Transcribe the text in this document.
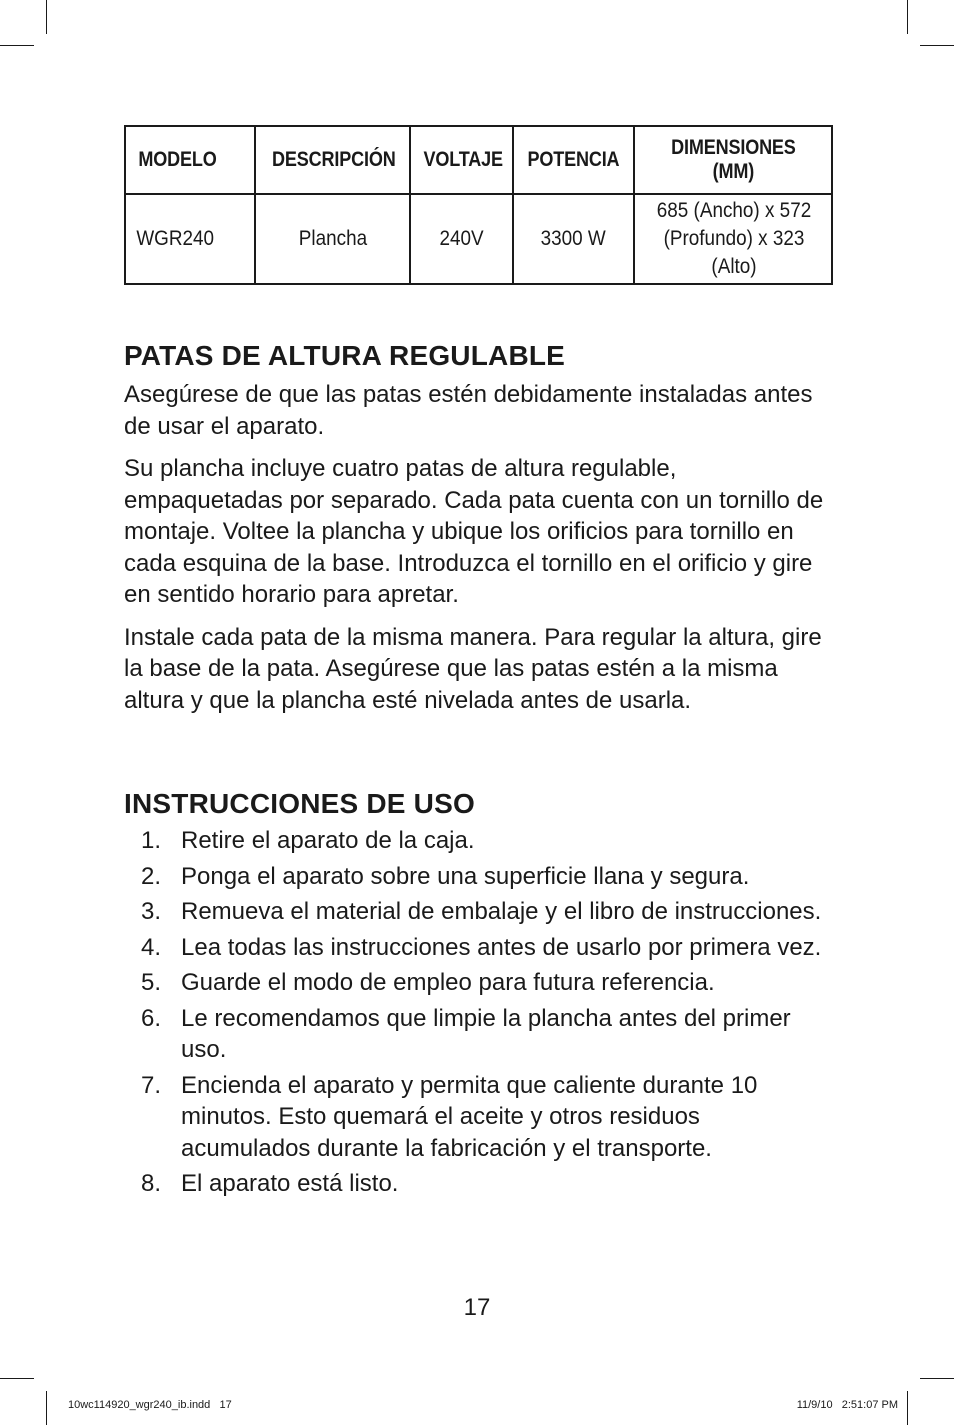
MODELO	DESCRIPCIÓN	VOLTAJE	POTENCIA	DIMENSIONES
(MM)
WGR240	Plancha	240V	3300 W	685 (Ancho) x 572 (Profundo) x 323 (Alto)
PATAS DE ALTURA REGULABLE

Asegúrese de que las patas estén debidamente instaladas antes de usar el aparato.

Su plancha incluye cuatro patas de altura regulable, empaquetadas por separado. Cada pata cuenta con un tornillo de montaje. Voltee la plancha y ubique los orificios para tornillo en cada esquina de la base. Introduzca el tornillo en el orificio y gire en sentido horario para apretar.

Instale cada pata de la misma manera. Para regular la altura, gire la base de la pata. Asegúrese que las patas estén a la misma altura y que la plancha esté nivelada antes de usarla.

INSTRUCCIONES DE USO
1. Retire el aparato de la caja.
2. Ponga el aparato sobre una superficie llana y segura.
3. Remueva el material de embalaje y el libro de instrucciones.
4. Lea todas las instrucciones antes de usarlo por primera vez.
5. Guarde el modo de empleo para futura referencia.
6. Le recomendamos que limpie la plancha antes del primer uso.
7. Encienda el aparato y permita que caliente durante 10 minutos. Esto quemará el aceite y otros residuos acumulados durante la fabricación y el transporte.
8. El aparato está listo.
17
10wc114920_wgr240_ib.indd   17	11/9/10   2:51:07 PM
